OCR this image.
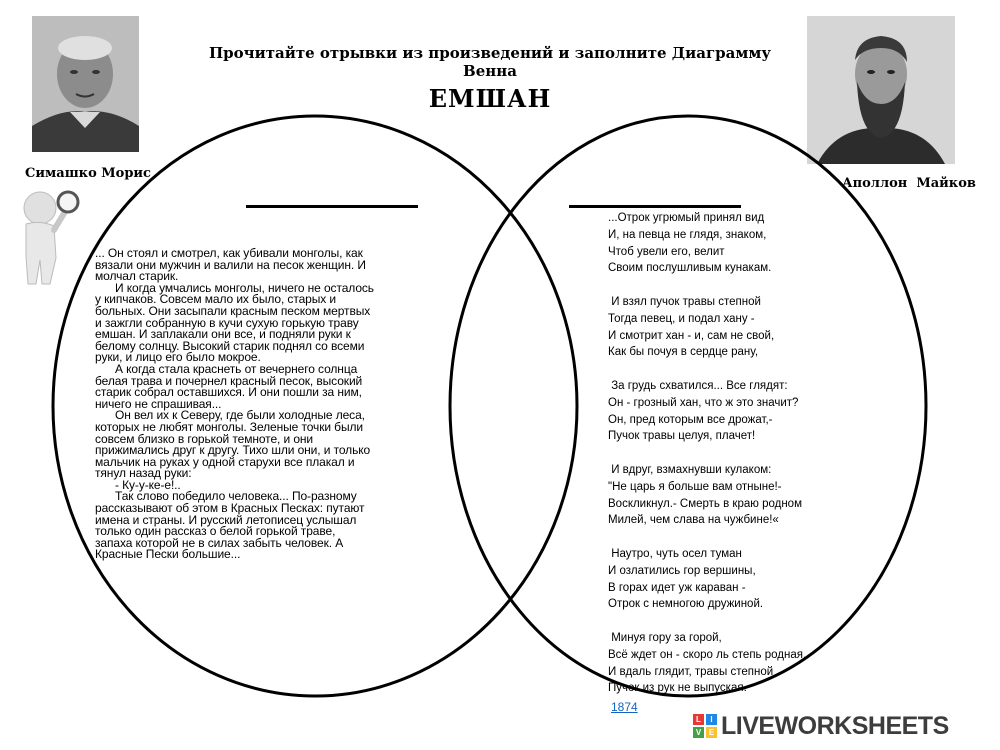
Прочитайте отрывки из произведений и заполните Диаграмму Венна
ЕМШАН
Симашко Морис
Аполлон  Майков

... Он стоял и смотрел, как убивали монголы, как вязали они мужчин и валили на песок женщин. И молчал старик.

И когда умчались монголы, ничего не осталось у кипчаков. Совсем мало их было, старых и больных. Они засыпали красным песком мертвых и зажгли собранную в кучи сухую горькую траву емшан. И заплакали они все, и подняли руки к белому солнцу. Высокий старик поднял со всеми руки, и лицо его было мокрое.

А когда стала краснеть от вечернего солнца белая трава и почернел красный песок, высокий старик собрал оставшихся. И они пошли за ним, ничего не спрашивая...

Он вел их к Северу, где были холодные леса, которых не любят монголы. Зеленые точки были совсем близко в горькой темноте, и они прижимались друг к другу. Тихо шли они, и только мальчик на руках у одной старухи все плакал и тянул назад руки:

- Ку-у-ке-е!..

Так слово победило человека... По-разному рассказывают об этом в Красных Песках: путают имена и страны. И русский летописец услышал только один рассказ о белой горькой траве, запаха которой не в силах забыть человек. А Красные Пески большие...

...Отрок угрюмый принял вид
И, на певца не глядя, знаком,
Чтоб увели его, велит
Своим послушливым кунакам.
И взял пучок травы степной
Тогда певец, и подал хану -
И смотрит хан - и, сам не свой,
Как бы почуя в сердце рану,
За грудь схватился... Все глядят:
Он - грозный хан, что ж это значит?
Он, пред которым все дрожат,-
Пучок травы целуя, плачет!
И вдруг, взмахнувши кулаком:
"Не царь я больше вам отныне!-
Воскликнул.- Смерть в краю родном
Милей, чем слава на чужбине!«
Наутро, чуть осел туман
И озлатились гор вершины,
В горах идет уж караван -
Отрок с немногою дружиной.
Минуя гору за горой,
Всё ждет он - скоро ль степь родная,
И вдаль глядит, травы степной
Пучок из рук не выпуская.
1874
L	I
V E LIVEWORKSHEETS
